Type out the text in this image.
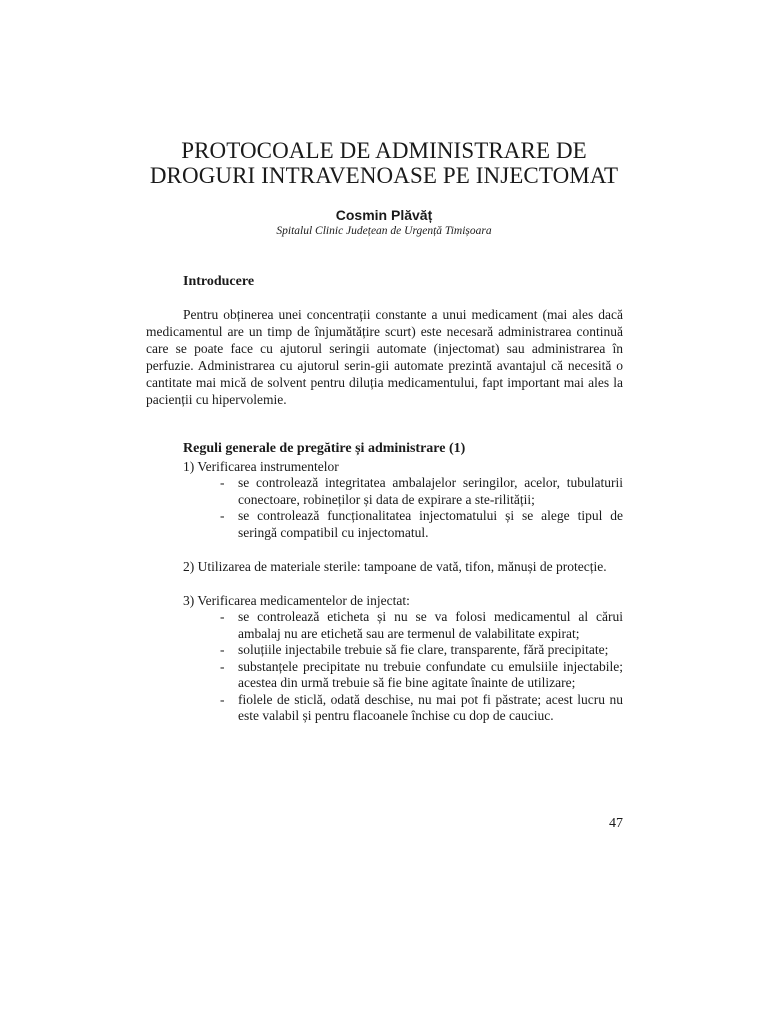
PROTOCOALE DE ADMINISTRARE DE
DROGURI INTRAVENOASE PE INJECTOMAT
Cosmin Plăvăț
Spitalul Clinic Județean de Urgență Timișoara
Introducere
Pentru obținerea unei concentrații constante a unui medicament (mai ales dacă medicamentul are un timp de înjumătățire scurt) este necesară administrarea continuă care se poate face cu ajutorul seringii automate (injectomat) sau administrarea în perfuzie. Administrarea cu ajutorul serin-gii automate prezintă avantajul că necesită o cantitate mai mică de solvent pentru diluția medicamentului, fapt important mai ales la pacienții cu hipervolemie.
Reguli generale de pregătire și administrare (1)
1) Verificarea instrumentelor
- se controlează integritatea ambalajelor seringilor, acelor, tubulaturii conectoare, robineților și data de expirare a ste-rilității;
- se controlează funcționalitatea injectomatului și se alege tipul de seringă compatibil cu injectomatul.
2) Utilizarea de materiale sterile: tampoane de vată, tifon, mănuși de protecție.
3) Verificarea medicamentelor de injectat:
- se controlează eticheta și nu se va folosi medicamentul al cărui ambalaj nu are etichetă sau are termenul de valabilitate expirat;
- soluțiile injectabile trebuie să fie clare, transparente, fără precipitate;
- substanțele precipitate nu trebuie confundate cu emulsiile injectabile; acestea din urmă trebuie să fie bine agitate înainte de utilizare;
- fiolele de sticlă, odată deschise, nu mai pot fi păstrate; acest lucru nu este valabil și pentru flacoanele închise cu dop de cauciuc.
47
